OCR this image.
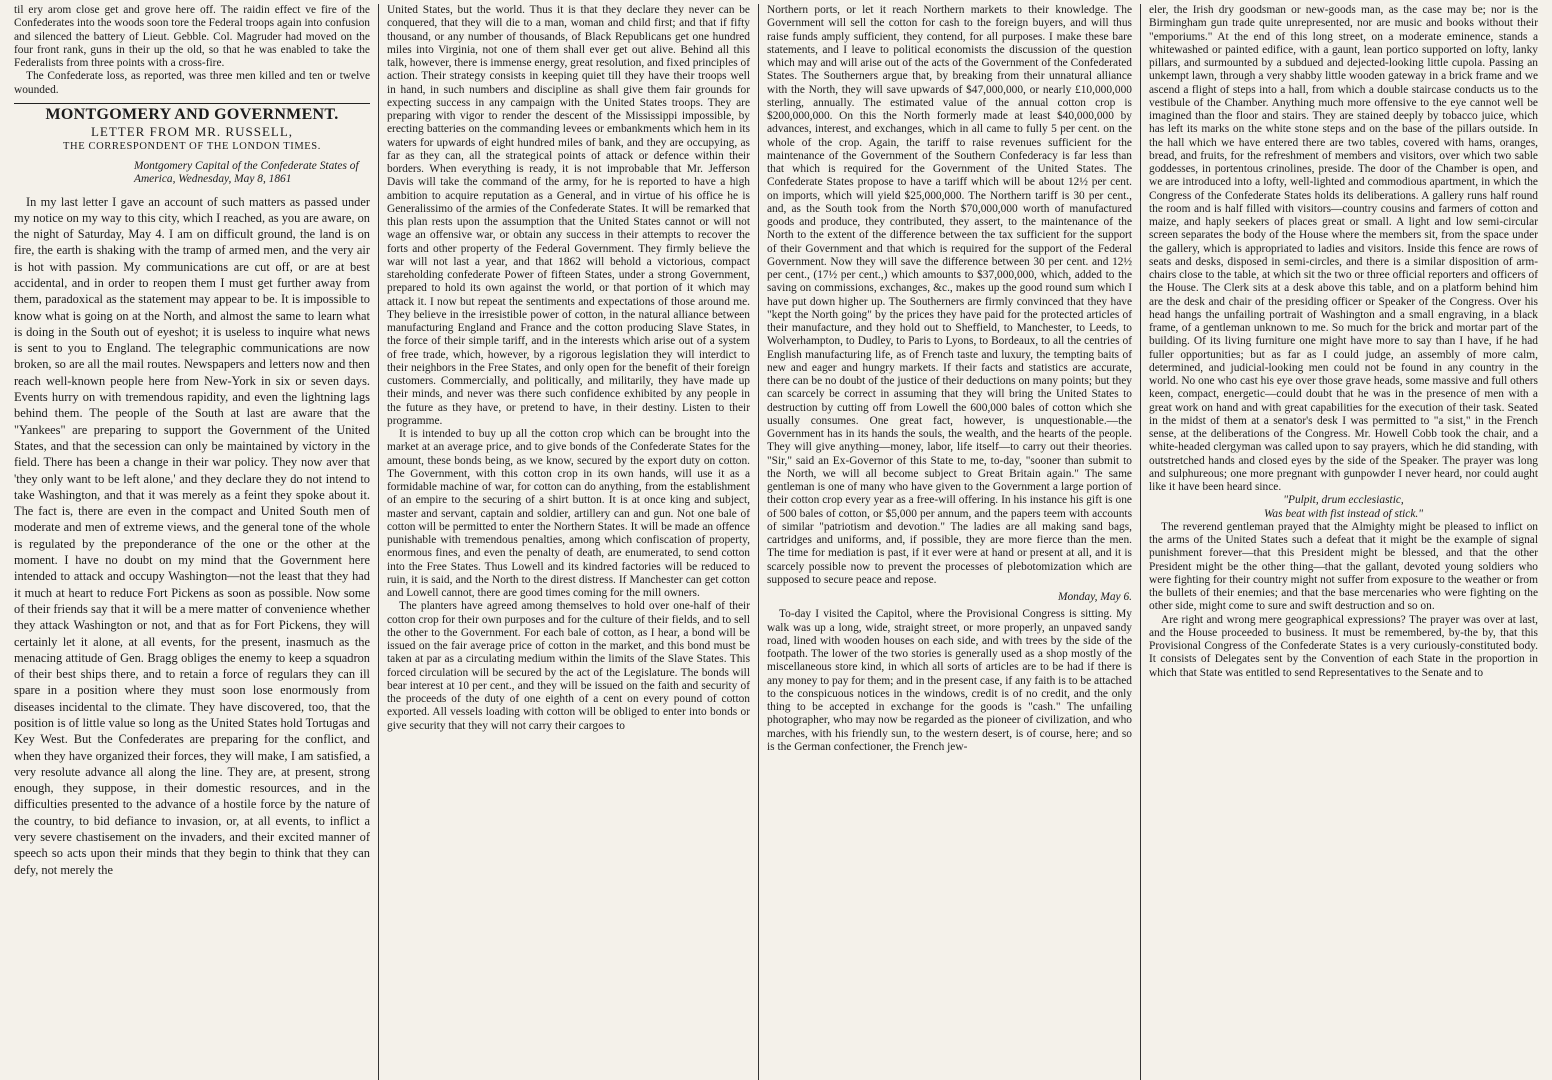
til ery arom close get and grove here off. The raidin effect ve fire of the Confederates into the woods soon tore the Federal troops again into confusion and silenced the battery of Lieut. Gebble. Col. Magruder had moved on the four front rank, guns in their up the old, so that he was enabled to take the Federalists from three points with a cross-fire.

The Confederate loss, as reported, was three men killed and ten or twelve wounded.

MONTGOMERY AND GOVERNMENT.
LETTER FROM MR. RUSSELL,
THE CORRESPONDENT OF THE LONDON TIMES.
Montgomery Capital of the Confederate States of America, Wednesday, May 8, 1861

In my last letter I gave an account of such matters as passed under my notice on my way to this city, which I reached, as you are aware, on the night of Saturday, May 4. I am on difficult ground, the land is on fire, the earth is shaking with the tramp of armed men, and the very air is hot with passion. My communications are cut off, or are at best accidental, and in order to reopen them I must get further away from them, paradoxical as the statement may appear to be. It is impossible to know what is going on at the North, and almost the same to learn what is doing in the South out of eyeshot; it is useless to inquire what news is sent to you to England. The telegraphic communications are now broken, so are all the mail routes. Newspapers and letters now and then reach well-known people here from New-York in six or seven days. Events hurry on with tremendous rapidity, and even the lightning lags behind them. The people of the South at last are aware that the "Yankees" are preparing to support the Government of the United States, and that the secession can only be maintained by victory in the field. There has been a change in their war policy. They now aver that 'they only want to be left alone,' and they declare they do not intend to take Washington, and that it was merely as a feint they spoke about it. The fact is, there are even in the compact and United South men of moderate and men of extreme views, and the general tone of the whole is regulated by the preponderance of the one or the other at the moment. I have no doubt on my mind that the Government here intended to attack and occupy Washington—not the least that they had it much at heart to reduce Fort Pickens as soon as possible. Now some of their friends say that it will be a mere matter of convenience whether they attack Washington or not, and that as for Fort Pickens, they will certainly let it alone, at all events, for the present, inasmuch as the menacing attitude of Gen. Bragg obliges the enemy to keep a squadron of their best ships there, and to retain a force of regulars they can ill spare in a position where they must soon lose enormously from diseases incidental to the climate. They have discovered, too, that the position is of little value so long as the United States hold Tortugas and Key West. But the Confederates are preparing for the conflict, and when they have organized their forces, they will make, I am satisfied, a very resolute advance all along the line. They are, at present, strong enough, they suppose, in their domestic resources, and in the difficulties presented to the advance of a hostile force by the nature of the country, to bid defiance to invasion, or, at all events, to inflict a very severe chastisement on the invaders, and their excited manner of speech so acts upon their minds that they begin to think that they can defy, not merely the

United States, but the world. Thus it is that they declare they never can be conquered, that they will die to a man, woman and child first; and that if fifty thousand, or any number of thousands, of Black Republicans get one hundred miles into Virginia, not one of them shall ever get out alive. Behind all this talk, however, there is immense energy, great resolution, and fixed principles of action. Their strategy consists in keeping quiet till they have their troops well in hand, in such numbers and discipline as shall give them fair grounds for expecting success in any campaign with the United States troops. They are preparing with vigor to render the descent of the Mississippi impossible, by erecting batteries on the commanding levees or embankments which hem in its waters for upwards of eight hundred miles of bank, and they are occupying, as far as they can, all the strategical points of attack or defence within their borders. When everything is ready, it is not improbable that Mr. Jefferson Davis will take the command of the army, for he is reported to have a high ambition to acquire reputation as a General, and in virtue of his office he is Generalissimo of the armies of the Confederate States. It will be remarked that this plan rests upon the assumption that the United States cannot or will not wage an offensive war, or obtain any success in their attempts to recover the forts and other property of the Federal Government. They firmly believe the war will not last a year, and that 1862 will behold a victorious, compact stareholding confederate Power of fifteen States, under a strong Government, prepared to hold its own against the world, or that portion of it which may attack it. I now but repeat the sentiments and expectations of those around me. They believe in the irresistible power of cotton, in the natural alliance between manufacturing England and France and the cotton producing Slave States, in the force of their simple tariff, and in the interests which arise out of a system of free trade, which, however, by a rigorous legislation they will interdict to their neighbors in the Free States, and only open for the benefit of their foreign customers. Commercially, and politically, and militarily, they have made up their minds, and never was there such confidence exhibited by any people in the future as they have, or pretend to have, in their destiny. Listen to their programme.

It is intended to buy up all the cotton crop which can be brought into the market at an average price, and to give bonds of the Confederate States for the amount, these bonds being, as we know, secured by the export duty on cotton. The Government, with this cotton crop in its own hands, will use it as a formidable machine of war, for cotton can do anything, from the establishment of an empire to the securing of a shirt button. It is at once king and subject, master and servant, captain and soldier, artillery can and gun. Not one bale of cotton will be permitted to enter the Northern States. It will be made an offence punishable with tremendous penalties, among which confiscation of property, enormous fines, and even the penalty of death, are enumerated, to send cotton into the Free States. Thus Lowell and its kindred factories will be reduced to ruin, it is said, and the North to the direst distress. If Manchester can get cotton and Lowell cannot, there are good times coming for the mill owners.

The planters have agreed among themselves to hold over one-half of their cotton crop for their own purposes and for the culture of their fields, and to sell the other to the Government. For each bale of cotton, as I hear, a bond will be issued on the fair average price of cotton in the market, and this bond must be taken at par as a circulating medium within the limits of the Slave States. This forced circulation will be secured by the act of the Legislature. The bonds will bear interest at 10 per cent., and they will be issued on the faith and security of the proceeds of the duty of one eighth of a cent on every pound of cotton exported. All vessels loading with cotton will be obliged to enter into bonds or give security that they will not carry their cargoes to

Northern ports, or let it reach Northern markets to their knowledge. The Government will sell the cotton for cash to the foreign buyers, and will thus raise funds amply sufficient, they contend, for all purposes. I make these bare statements, and I leave to political economists the discussion of the question which may and will arise out of the acts of the Government of the Confederated States. The Southerners argue that, by breaking from their unnatural alliance with the North, they will save upwards of $47,000,000, or nearly £10,000,000 sterling, annually. The estimated value of the annual cotton crop is $200,000,000. On this the North formerly made at least $40,000,000 by advances, interest, and exchanges, which in all came to fully 5 per cent. on the whole of the crop. Again, the tariff to raise revenues sufficient for the maintenance of the Government of the Southern Confederacy is far less than that which is required for the Government of the United States. The Confederate States propose to have a tariff which will be about 12½ per cent. on imports, which will yield $25,000,000. The Northern tariff is 30 per cent., and, as the South took from the North $70,000,000 worth of manufactured goods and produce, they contributed, they assert, to the maintenance of the North to the extent of the difference between the tax sufficient for the support of their Government and that which is required for the support of the Federal Government. Now they will save the difference between 30 per cent. and 12½ per cent., (17½ per cent.,) which amounts to $37,000,000, which, added to the saving on commissions, exchanges, &c., makes up the good round sum which I have put down higher up. The Southerners are firmly convinced that they have "kept the North going" by the prices they have paid for the protected articles of their manufacture, and they hold out to Sheffield, to Manchester, to Leeds, to Wolverhampton, to Dudley, to Paris to Lyons, to Bordeaux, to all the centries of English manufacturing life, as of French taste and luxury, the tempting baits of new and eager and hungry markets. If their facts and statistics are accurate, there can be no doubt of the justice of their deductions on many points; but they can scarcely be correct in assuming that they will bring the United States to destruction by cutting off from Lowell the 600,000 bales of cotton which she usually consumes. One great fact, however, is unquestionable.—the Government has in its hands the souls, the wealth, and the hearts of the people. They will give anything—money, labor, life itself—to carry out their theories. "Sir," said an Ex-Governor of this State to me, to-day, "sooner than submit to the North, we will all become subject to Great Britain again." The same gentleman is one of many who have given to the Government a large portion of their cotton crop every year as a free-will offering. In his instance his gift is one of 500 bales of cotton, or $5,000 per annum, and the papers teem with accounts of similar "patriotism and devotion." The ladies are all making sand bags, cartridges and uniforms, and, if possible, they are more fierce than the men. The time for mediation is past, if it ever were at hand or present at all, and it is scarcely possible now to prevent the processes of plebotomization which are supposed to secure peace and repose.

Monday, May 6.

To-day I visited the Capitol, where the Provisional Congress is sitting. My walk was up a long, wide, straight street, or more properly, an unpaved sandy road, lined with wooden houses on each side, and with trees by the side of the footpath. The lower of the two stories is generally used as a shop mostly of the miscellaneous store kind, in which all sorts of articles are to be had if there is any money to pay for them; and in the present case, if any faith is to be attached to the conspicuous notices in the windows, credit is of no credit, and the only thing to be accepted in exchange for the goods is "cash." The unfailing photographer, who may now be regarded as the pioneer of civilization, and who marches, with his friendly sun, to the western desert, is of course, here; and so is the German confectioner, the French jew-

eler, the Irish dry goodsman or new-goods man, as the case may be; nor is the Birmingham gun trade quite unrepresented, nor are music and books without their "emporiums." At the end of this long street, on a moderate eminence, stands a whitewashed or painted edifice, with a gaunt, lean portico supported on lofty, lanky pillars, and surmounted by a subdued and dejected-looking little cupola. Passing an unkempt lawn, through a very shabby little wooden gateway in a brick frame and we ascend a flight of steps into a hall, from which a double staircase conducts us to the vestibule of the Chamber. Anything much more offensive to the eye cannot well be imagined than the floor and stairs. They are stained deeply by tobacco juice, which has left its marks on the white stone steps and on the base of the pillars outside. In the hall which we have entered there are two tables, covered with hams, oranges, bread, and fruits, for the refreshment of members and visitors, over which two sable goddesses, in portentous crinolines, preside. The door of the Chamber is open, and we are introduced into a lofty, well-lighted and commodious apartment, in which the Congress of the Confederate States holds its deliberations. A gallery runs half round the room and is half filled with visitors—country cousins and farmers of cotton and maize, and haply seekers of places great or small. A light and low semi-circular screen separates the body of the House where the members sit, from the space under the gallery, which is appropriated to ladies and visitors. Inside this fence are rows of seats and desks, disposed in semi-circles, and there is a similar disposition of arm-chairs close to the table, at which sit the two or three official reporters and officers of the House. The Clerk sits at a desk above this table, and on a platform behind him are the desk and chair of the presiding officer or Speaker of the Congress. Over his head hangs the unfailing portrait of Washington and a small engraving, in a black frame, of a gentleman unknown to me. So much for the brick and mortar part of the building. Of its living furniture one might have more to say than I have, if he had fuller opportunities; but as far as I could judge, an assembly of more calm, determined, and judicial-looking men could not be found in any country in the world. No one who cast his eye over those grave heads, some massive and full others keen, compact, energetic—could doubt that he was in the presence of men with a great work on hand and with great capabilities for the execution of their task. Seated in the midst of them at a senator's desk I was permitted to "a sist," in the French sense, at the deliberations of the Congress. Mr. Howell Cobb took the chair, and a white-headed clergyman was called upon to say prayers, which he did standing, with outstretched hands and closed eyes by the side of the Speaker. The prayer was long and sulphureous; one more pregnant with gunpowder I never heard, nor could aught like it have been heard since.

"Pulpit, drum ecclesiastic,
Was beat with fist instead of stick."

The reverend gentleman prayed that the Almighty might be pleased to inflict on the arms of the United States such a defeat that it might be the example of signal punishment forever—that this President might be blessed, and that the other President might be the other thing—that the gallant, devoted young soldiers who were fighting for their country might not suffer from exposure to the weather or from the bullets of their enemies; and that the base mercenaries who were fighting on the other side, might come to sure and swift destruction and so on.

Are right and wrong mere geographical expressions? The prayer was over at last, and the House proceeded to business. It must be remembered, by-the by, that this Provisional Congress of the Confederate States is a very curiously-constituted body. It consists of Delegates sent by the Convention of each State in the proportion in which that State was entitled to send Representatives to the Senate and to
